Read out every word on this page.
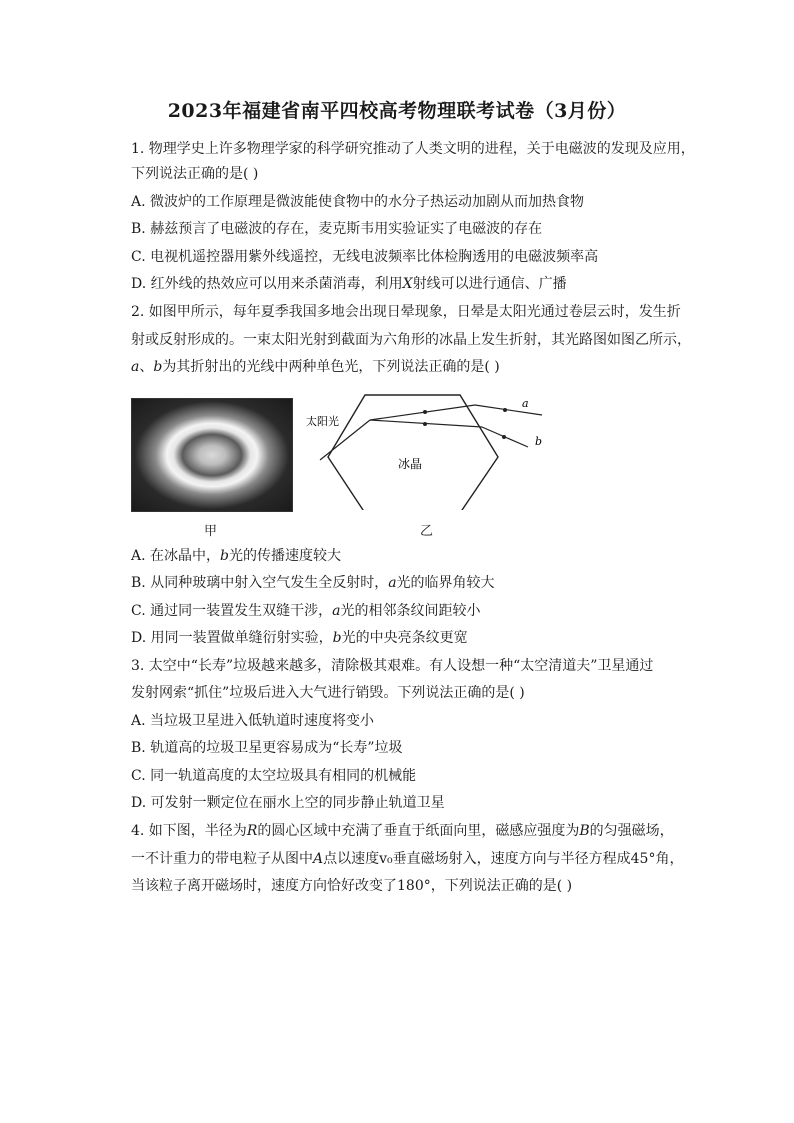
2023年福建省南平四校高考物理联考试卷（3月份）
1. 物理学史上许多物理学家的科学研究推动了人类文明的进程，关于电磁波的发现及应用，
下列说法正确的是( )
A. 微波炉的工作原理是微波能使食物中的水分子热运动加剧从而加热食物
B. 赫兹预言了电磁波的存在，麦克斯韦用实验证实了电磁波的存在
C. 电视机遥控器用紫外线遥控，无线电波频率比体检胸透用的电磁波频率高
D. 红外线的热效应可以用来杀菌消毒，利用X射线可以进行通信、广播
2. 如图甲所示，每年夏季我国多地会出现日晕现象，日晕是太阳光通过卷层云时，发生折
射或反射形成的。一束太阳光射到截面为六角形的冰晶上发生折射，其光路图如图乙所示，
a、b为其折射出的光线中两种单色光，下列说法正确的是( )
甲
太阳光
冰晶
a
b
乙
A. 在冰晶中，b光的传播速度较大
B. 从同种玻璃中射入空气发生全反射时，a光的临界角较大
C. 通过同一装置发生双缝干涉，a光的相邻条纹间距较小
D. 用同一装置做单缝衍射实验，b光的中央亮条纹更宽
3. 太空中“长寿”垃圾越来越多，清除极其艰难。有人设想一种“太空清道夫”卫星通过
发射网索“抓住”垃圾后进入大气进行销毁。下列说法正确的是( )
A. 当垃圾卫星进入低轨道时速度将变小
B. 轨道高的垃圾卫星更容易成为“长寿”垃圾
C. 同一轨道高度的太空垃圾具有相同的机械能
D. 可发射一颗定位在丽水上空的同步静止轨道卫星
4. 如下图，半径为R的圆心区域中充满了垂直于纸面向里，磁感应强度为B的匀强磁场，
一不计重力的带电粒子从图中A点以速度v₀垂直磁场射入，速度方向与半径方程成45°角，
当该粒子离开磁场时，速度方向恰好改变了180°，下列说法正确的是( )
